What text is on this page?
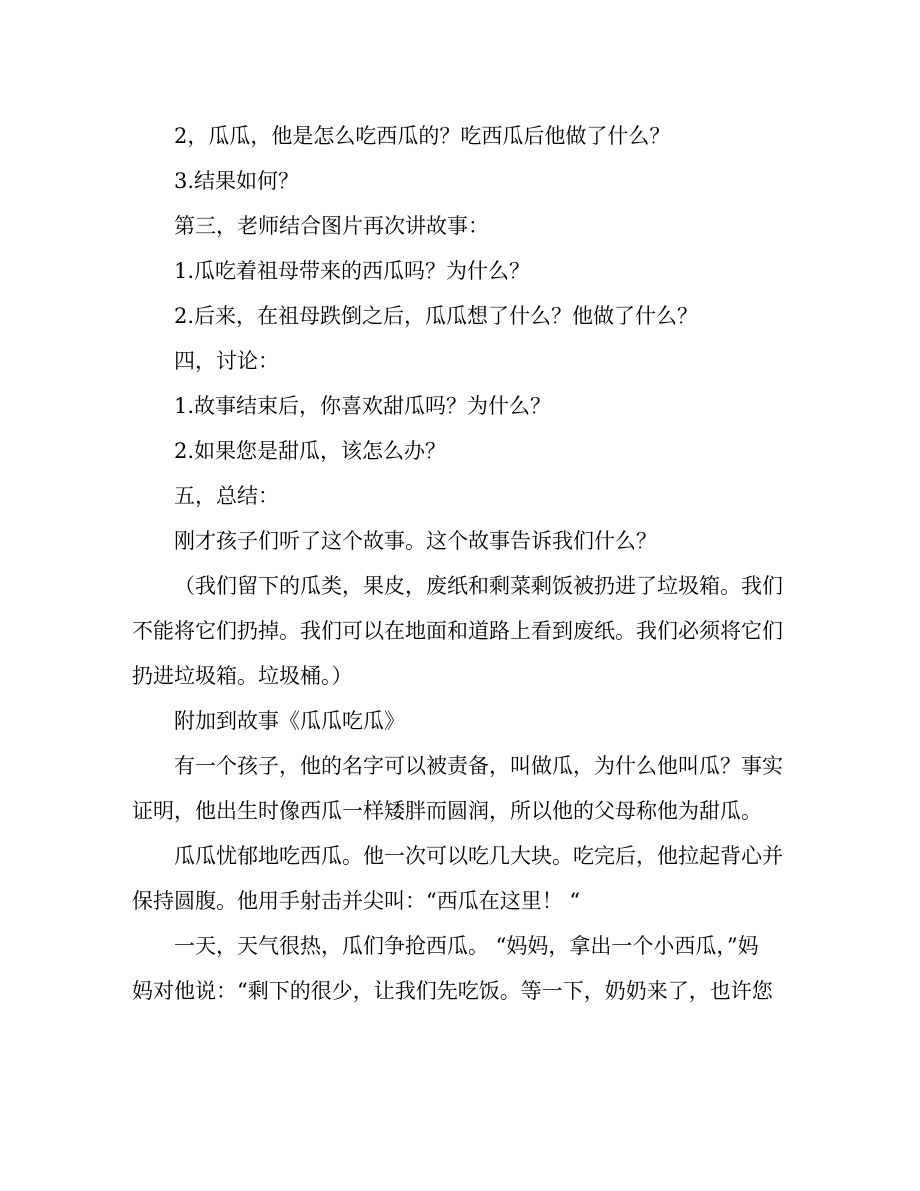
2，瓜瓜，他是怎么吃西瓜的？吃西瓜后他做了什么？
3.结果如何？
第三，老师结合图片再次讲故事：
1.瓜吃着祖母带来的西瓜吗？为什么？
2.后来，在祖母跌倒之后，瓜瓜想了什么？他做了什么？
四，讨论：
1.故事结束后，你喜欢甜瓜吗？为什么？
2.如果您是甜瓜，该怎么办？
五，总结：
刚才孩子们听了这个故事。这个故事告诉我们什么？
（我们留下的瓜类，果皮，废纸和剩菜剩饭被扔进了垃圾箱。我们
不能将它们扔掉。我们可以在地面和道路上看到废纸。我们必须将它们
扔进垃圾箱。垃圾桶。）
附加到故事《瓜瓜吃瓜》
有一个孩子，他的名字可以被责备，叫做瓜，为什么他叫瓜？事实
证明，他出生时像西瓜一样矮胖而圆润，所以他的父母称他为甜瓜。
瓜瓜忧郁地吃西瓜。他一次可以吃几大块。吃完后，他拉起背心并
保持圆腹。他用手射击并尖叫：“西瓜在这里！ “
一天，天气很热，瓜们争抢西瓜。 “妈妈，拿出一个小西瓜，”妈
妈对他说：“剩下的很少，让我们先吃饭。等一下，奶奶来了，也许您
